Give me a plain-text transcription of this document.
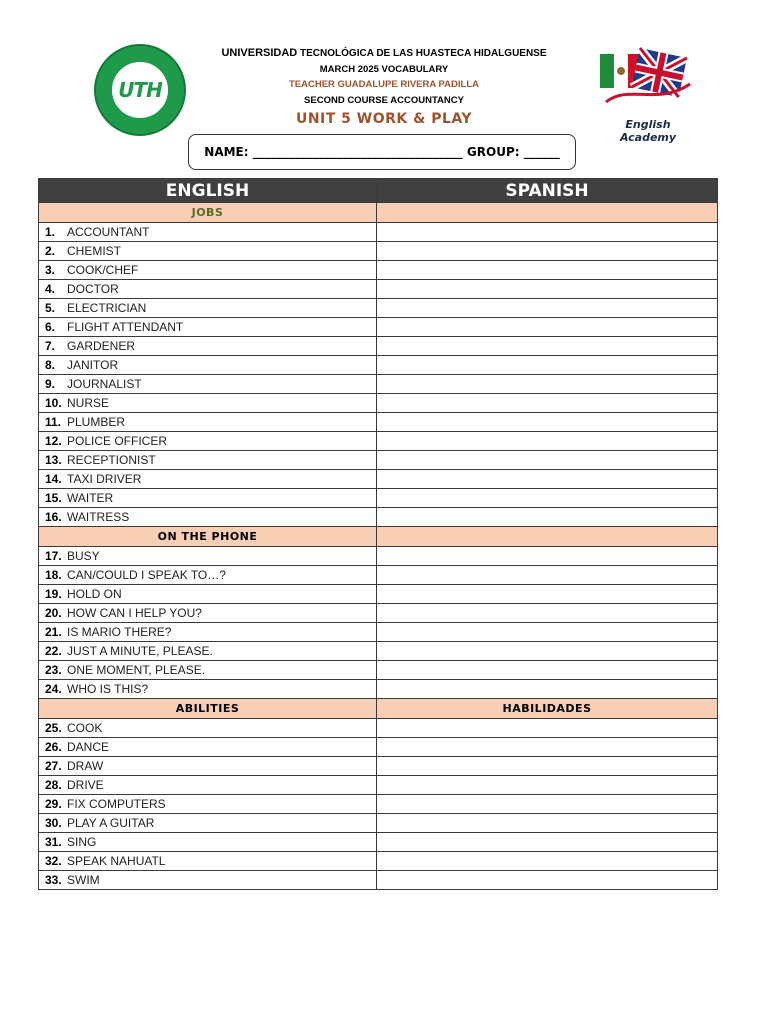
UTH
UNIVERSIDAD TECNOLÓGICA DE LAS HUASTECA HIDALGUENSE
MARCH 2025 VOCABULARY
TEACHER GUADALUPE RIVERA PADILLA
SECOND COURSE ACCOUNTANCY
UNIT 5 WORK & PLAY	English Academy
NAME: ___________________________________ GROUP: ______
ENGLISH	SPANISH
JOBS	
1. ACCOUNTANT	
2. CHEMIST	
3. COOK/CHEF	
4. DOCTOR	
5. ELECTRICIAN	
6. FLIGHT ATTENDANT	
7. GARDENER	
8. JANITOR	
9. JOURNALIST	
10. NURSE	
11. PLUMBER	
12. POLICE OFFICER	
13. RECEPTIONIST	
14. TAXI DRIVER	
15. WAITER	
16. WAITRESS	
ON THE PHONE	
17. BUSY	
18. CAN/COULD I SPEAK TO…?	
19. HOLD ON	
20. HOW CAN I HELP YOU?	
21. IS MARIO THERE?	
22. JUST A MINUTE, PLEASE.	
23. ONE MOMENT, PLEASE.	
24. WHO IS THIS?	
ABILITIES	HABILIDADES
25. COOK	
26. DANCE	
27. DRAW	
28. DRIVE	
29. FIX COMPUTERS	
30. PLAY A GUITAR	
31. SING	
32. SPEAK NAHUATL	
33. SWIM	
